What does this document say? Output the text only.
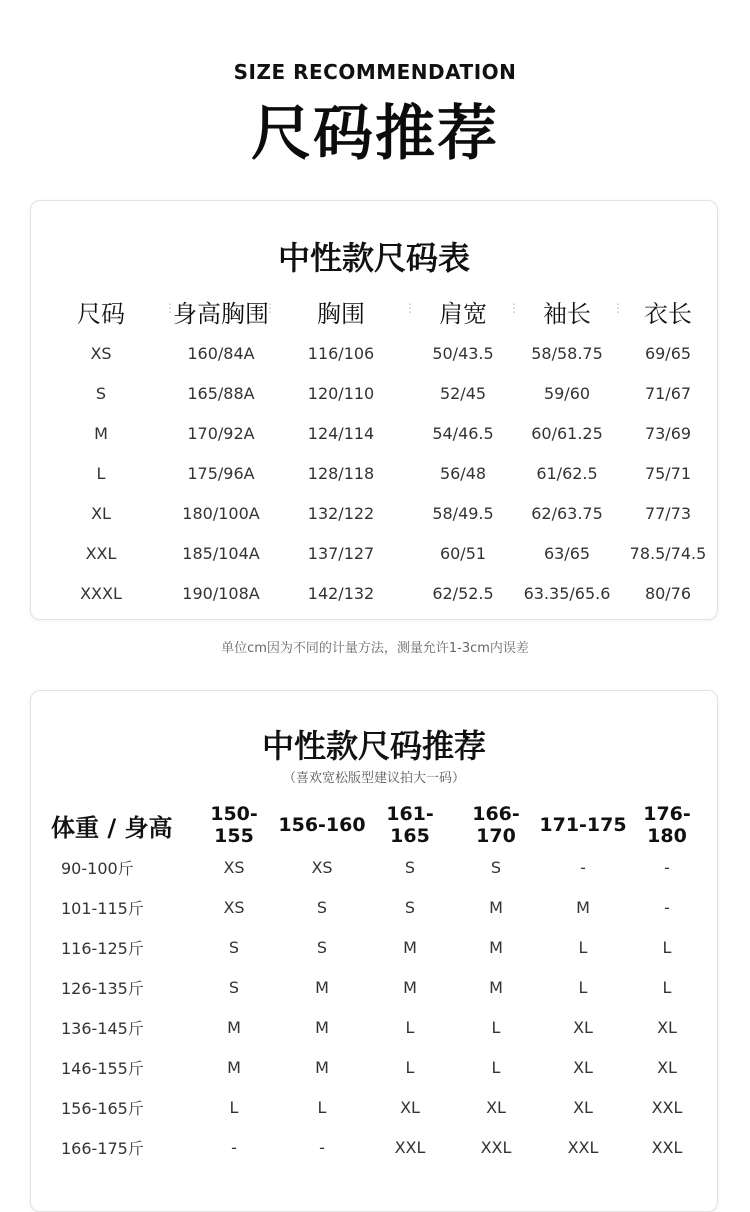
SIZE RECOMMENDATION
尺码推荐
中性款尺码表
尺码 ⋮	身高胸围 ⋮	胸围 ⋮	肩宽 ⋮	袖长 ⋮	衣长
XS	160/84A	116/106	50/43.5	58/58.75	69/65
S	165/88A	120/110	52/45	59/60	71/67
M	170/92A	124/114	54/46.5	60/61.25	73/69
L	175/96A	128/118	56/48	61/62.5	75/71
XL	180/100A	132/122	58/49.5	62/63.75	77/73
XXL	185/104A	137/127	60/51	63/65	78.5/74.5
XXXL	190/108A	142/132	62/52.5	63.35/65.6	80/76
单位cm因为不同的计量方法，测量允许1-3cm内误差
中性款尺码推荐
（喜欢宽松版型建议拍大一码）
体重 / 身高	150-155	156-160	161-165	166-170	171-175	176-180
90-100斤	XS	XS	S	S	-	-
101-115斤	XS	S	S	M	M	-
116-125斤	S	S	M	M	L	L
126-135斤	S	M	M	M	L	L
136-145斤	M	M	L	L	XL	XL
146-155斤	M	M	L	L	XL	XL
156-165斤	L	L	XL	XL	XL	XXL
166-175斤	-	-	XXL	XXL	XXL	XXL
